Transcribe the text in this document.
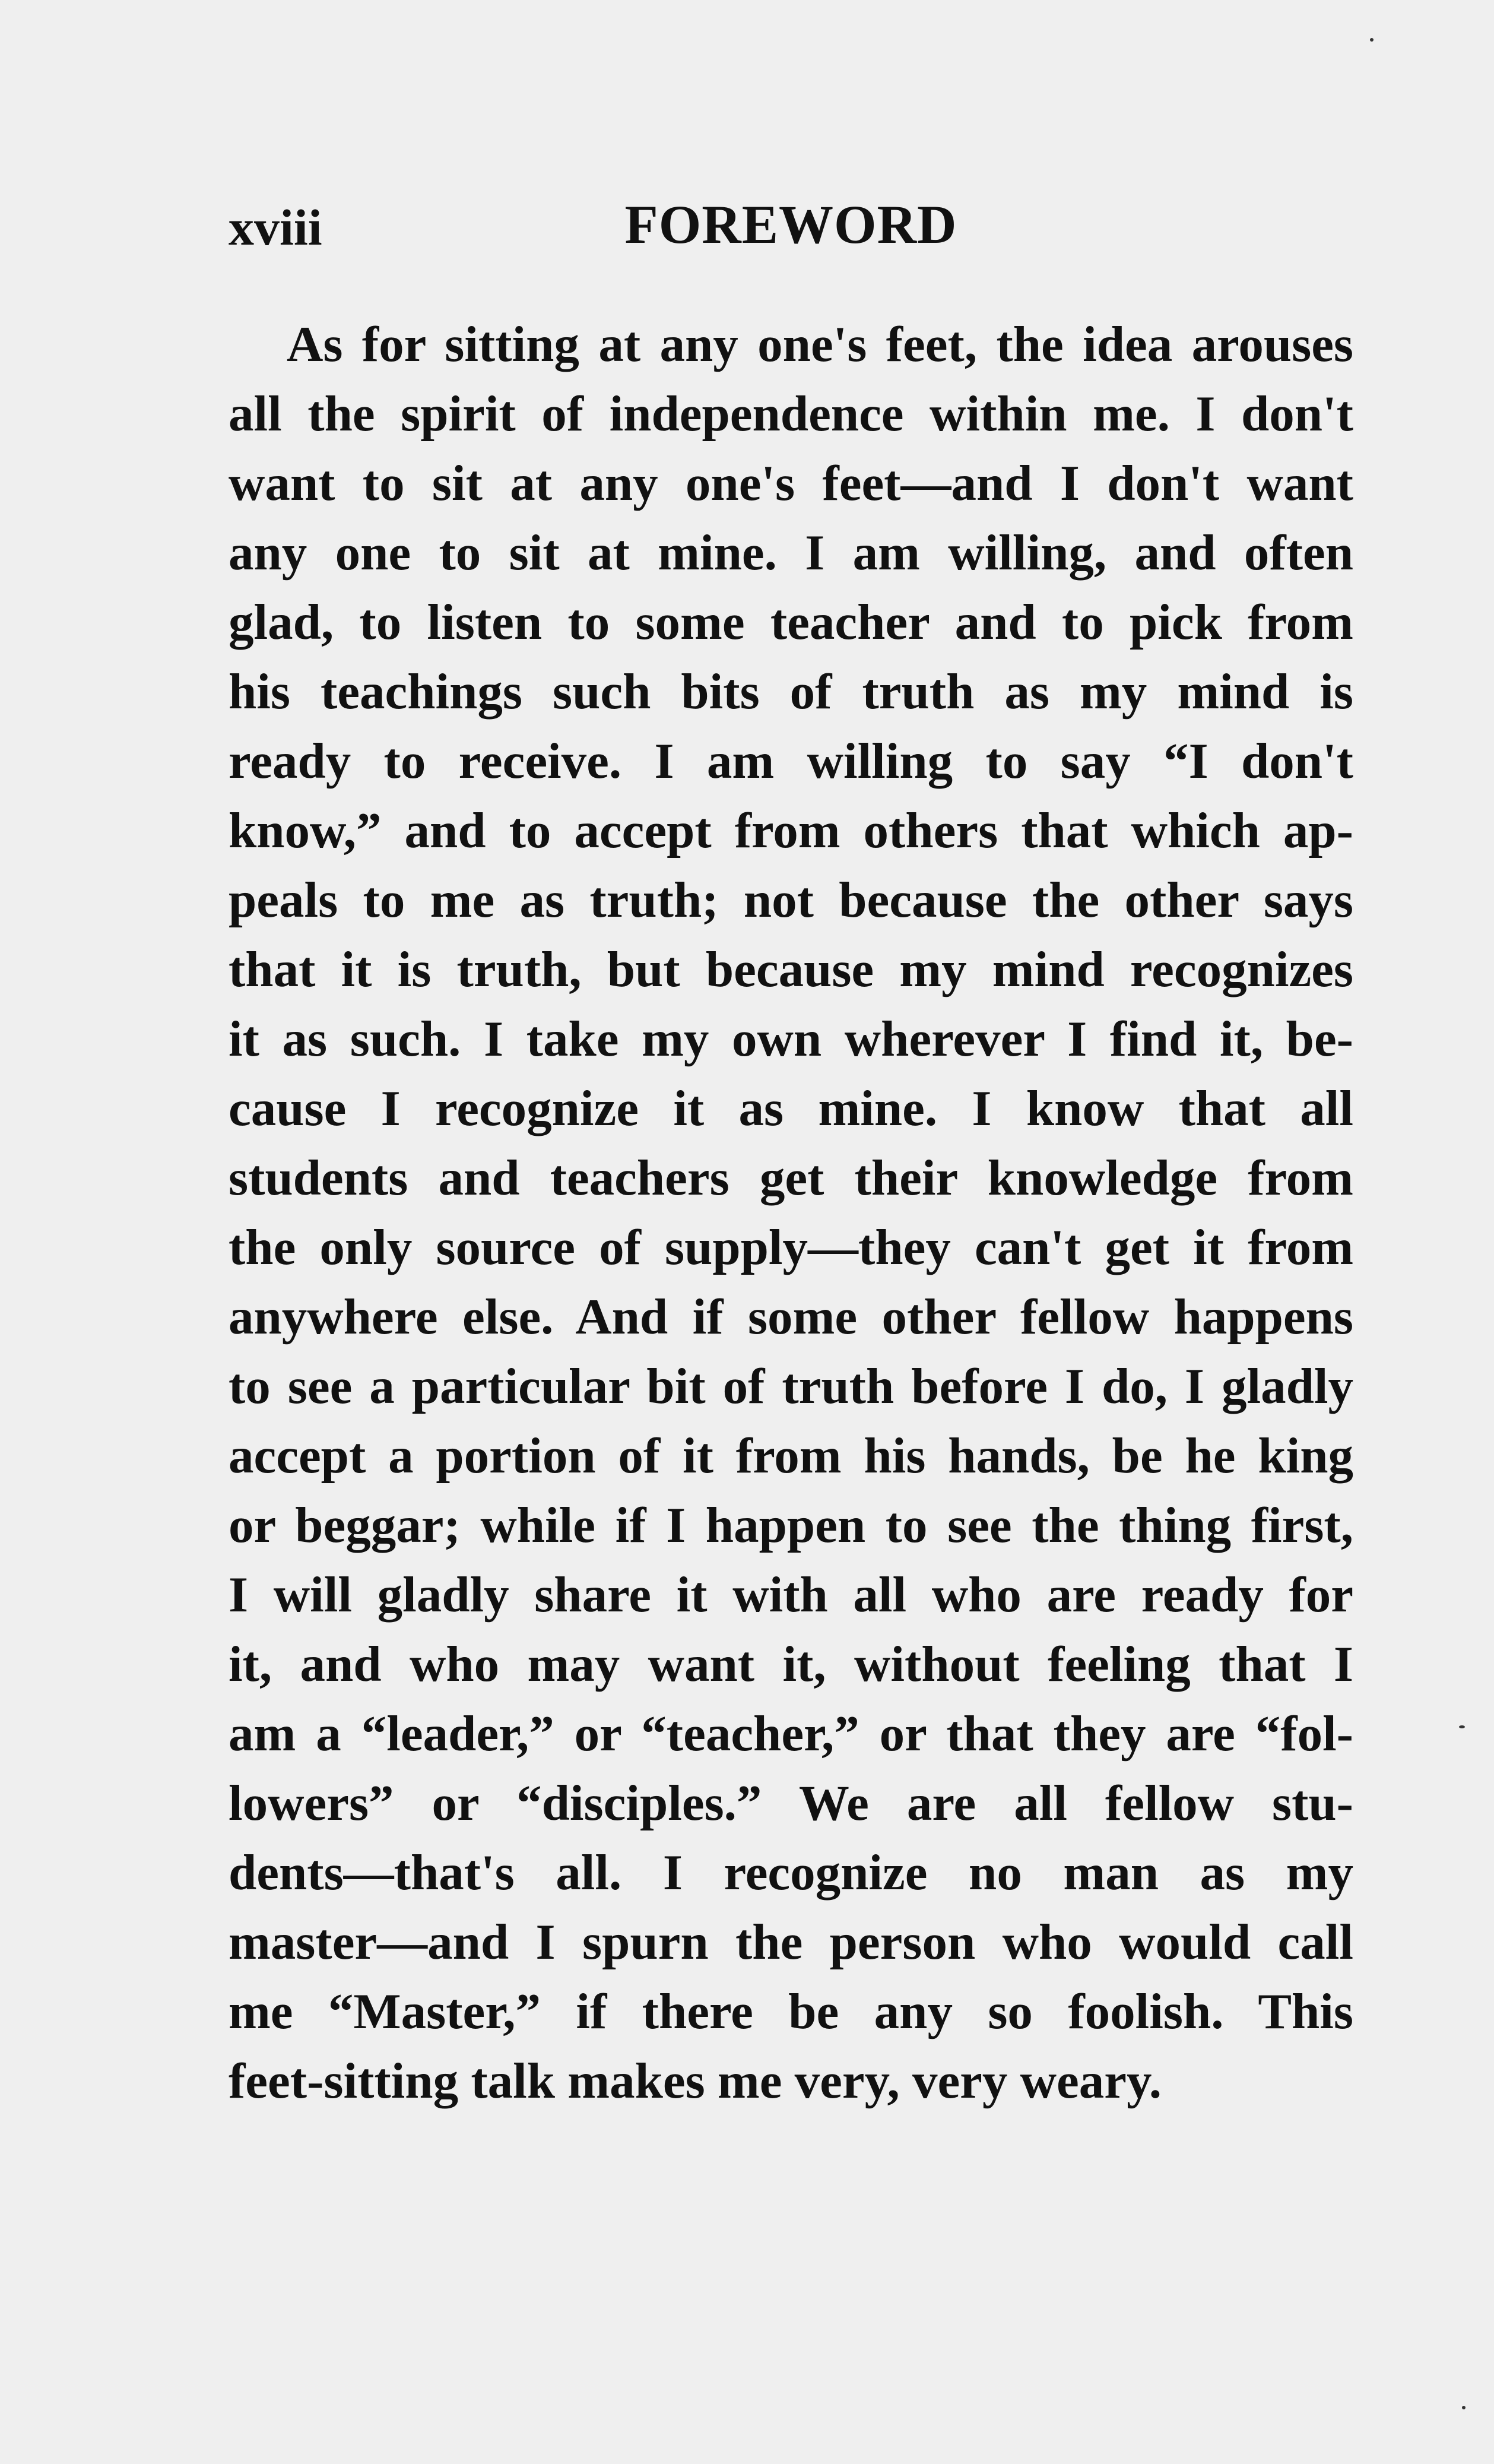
xviii	FOREWORD
As for sitting at any one's feet, the idea arouses
all the spirit of independence within me. I don't
want to sit at any one's feet—and I don't want
any one to sit at mine. I am willing, and often
glad, to listen to some teacher and to pick from
his teachings such bits of truth as my mind is
ready to receive. I am willing to say “I don't
know,” and to accept from others that which ap-
peals to me as truth; not because the other says
that it is truth, but because my mind recognizes
it as such. I take my own wherever I find it, be-
cause I recognize it as mine. I know that all
students and teachers get their knowledge from
the only source of supply—they can't get it from
anywhere else. And if some other fellow happens
to see a particular bit of truth before I do, I gladly
accept a portion of it from his hands, be he king
or beggar; while if I happen to see the thing first,
I will gladly share it with all who are ready for
it, and who may want it, without feeling that I
am a “leader,” or “teacher,” or that they are “fol-
lowers” or “disciples.” We are all fellow stu-
dents—that's all. I recognize no man as my
master—and I spurn the person who would call
me “Master,” if there be any so foolish. This
feet-sitting talk makes me very, very weary.
